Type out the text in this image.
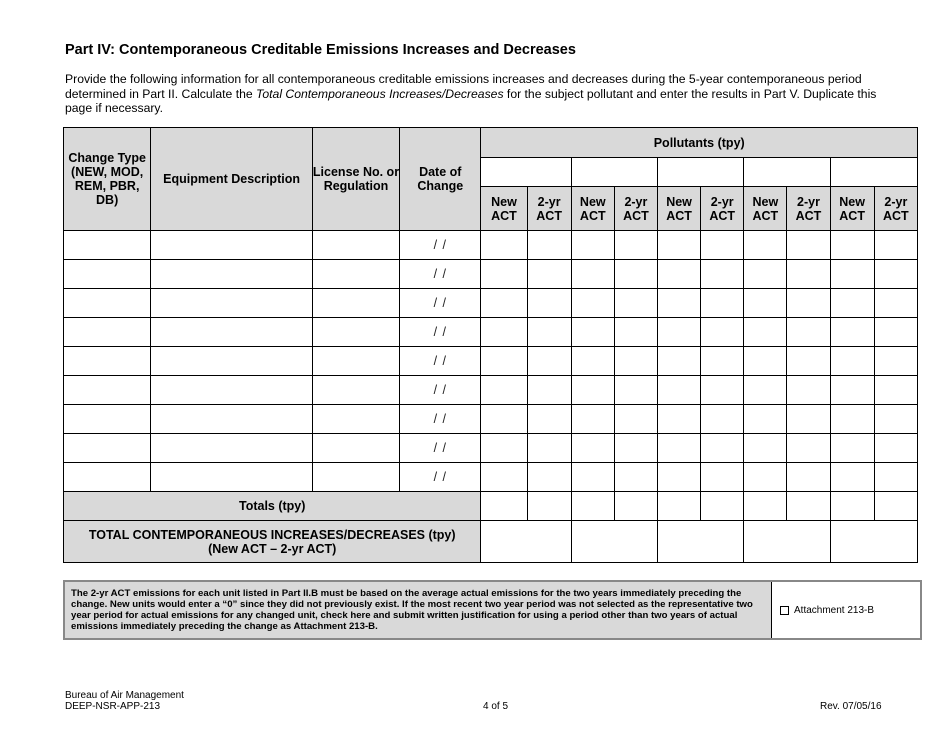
Part IV: Contemporaneous Creditable Emissions Increases and Decreases
Provide the following information for all contemporaneous creditable emissions increases and decreases during the 5-year contemporaneous period determined in Part II. Calculate the Total Contemporaneous Increases/Decreases for the subject pollutant and enter the results in Part V. Duplicate this page if necessary.
Change Type (NEW, MOD, REM, PBR, DB)	Equipment Description	License No. or Regulation	Date of Change	Pollutants (tpy)									

				New ACT	2-yr ACT	New ACT	2-yr ACT	New ACT	2-yr ACT	New ACT	2-yr ACT	New ACT	2-yr ACT
			/ /										
			/ /										
			/ /										
			/ /										
			/ /										
			/ /										
			/ /										
			/ /										
			/ /										
Totals (tpy)													

TOTAL CONTEMPORANEOUS INCREASES/DECREASES (tpy)
(New ACT – 2-yr ACT)													

The 2-yr ACT emissions for each unit listed in Part II.B must be based on the average actual emissions for the two years immediately preceding the change. New units would enter a “0” since they did not previously exist. If the most recent two year period was not selected as the representative two year period for actual emissions for any changed unit, check here and submit written justification for using a period other than two years of actual emissions immediately preceding the change as Attachment 213-B.
Attachment 213-B
Bureau of Air Management
DEEP-NSR-APP-213	4 of 5	Rev. 07/05/16
